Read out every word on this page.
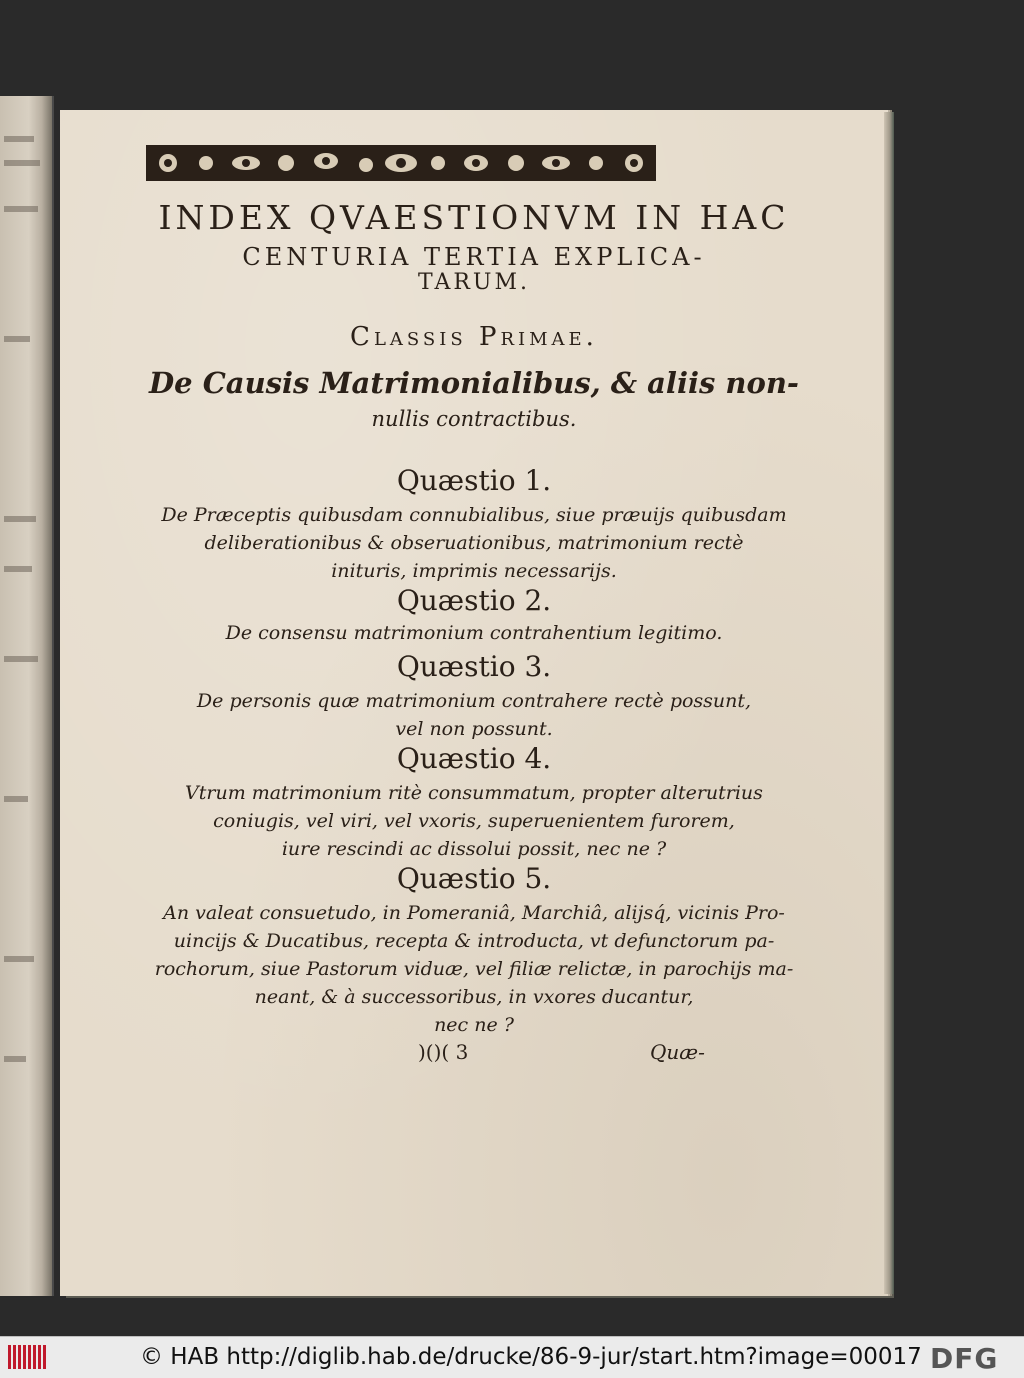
INDEX QVAESTIONVM IN HAC
CENTURIA TERTIA EXPLICA-
TARUM.
Classis Primae.
De Causis Matrimonialibus, & aliis non-
nullis contractibus.
Quæstio 1.
De Præceptis quibusdam connubialibus, siue præuijs quibusdam
deliberationibus & obseruationibus, matrimonium rectè
inituris, imprimis necessarijs.
Quæstio 2.
De consensu matrimonium contrahentium legitimo.
Quæstio 3.
De personis quæ matrimonium contrahere rectè possunt,
vel non possunt.
Quæstio 4.
Vtrum matrimonium ritè consummatum, propter alterutrius
coniugis, vel viri, vel vxoris, superuenientem furorem,
iure rescindi ac dissolui possit, nec ne ?
Quæstio 5.
An valeat consuetudo, in Pomeraniâ, Marchiâ, alijsq́, vicinis Pro-
uincijs & Ducatibus, recepta & introducta, vt defunctorum pa-
rochorum, siue Pastorum viduæ, vel filiæ relictæ, in parochijs ma-
neant, & à successoribus, in vxores ducantur,
nec ne ?
)()( 3	Quæ-
© HAB http://diglib.hab.de/drucke/86-9-jur/start.htm?image=00017 DFG
